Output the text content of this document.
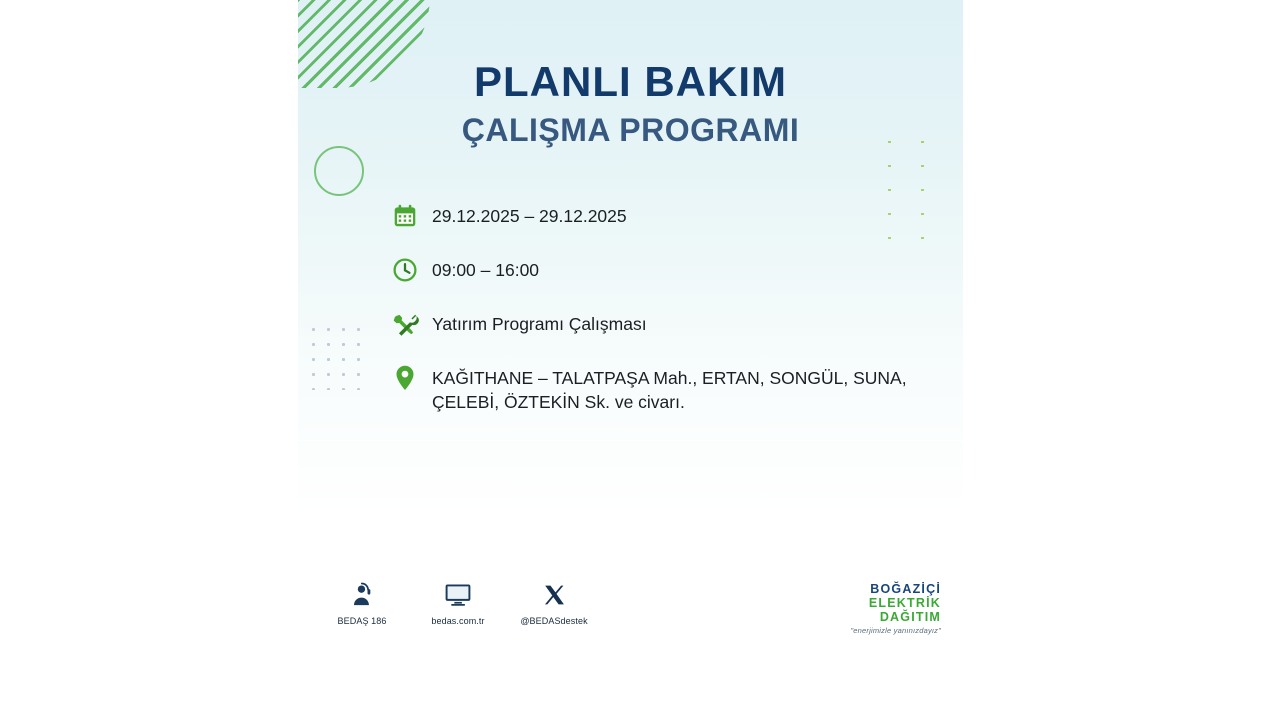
PLANLI BAKIM
ÇALIŞMA PROGRAMI
29.12.2025 – 29.12.2025
09:00 – 16:00
Yatırım Programı Çalışması
KAĞITHANE – TALATPAŞA Mah., ERTAN, SONGÜL, SUNA, ÇELEBİ, ÖZTEKİN Sk. ve civarı.
BEDAŞ 186	bedas.com.tr	@BEDASdestek
BOĞAZİÇİ
ELEKTRİK
DAĞITIM
"enerjimizle yanınızdayız"
